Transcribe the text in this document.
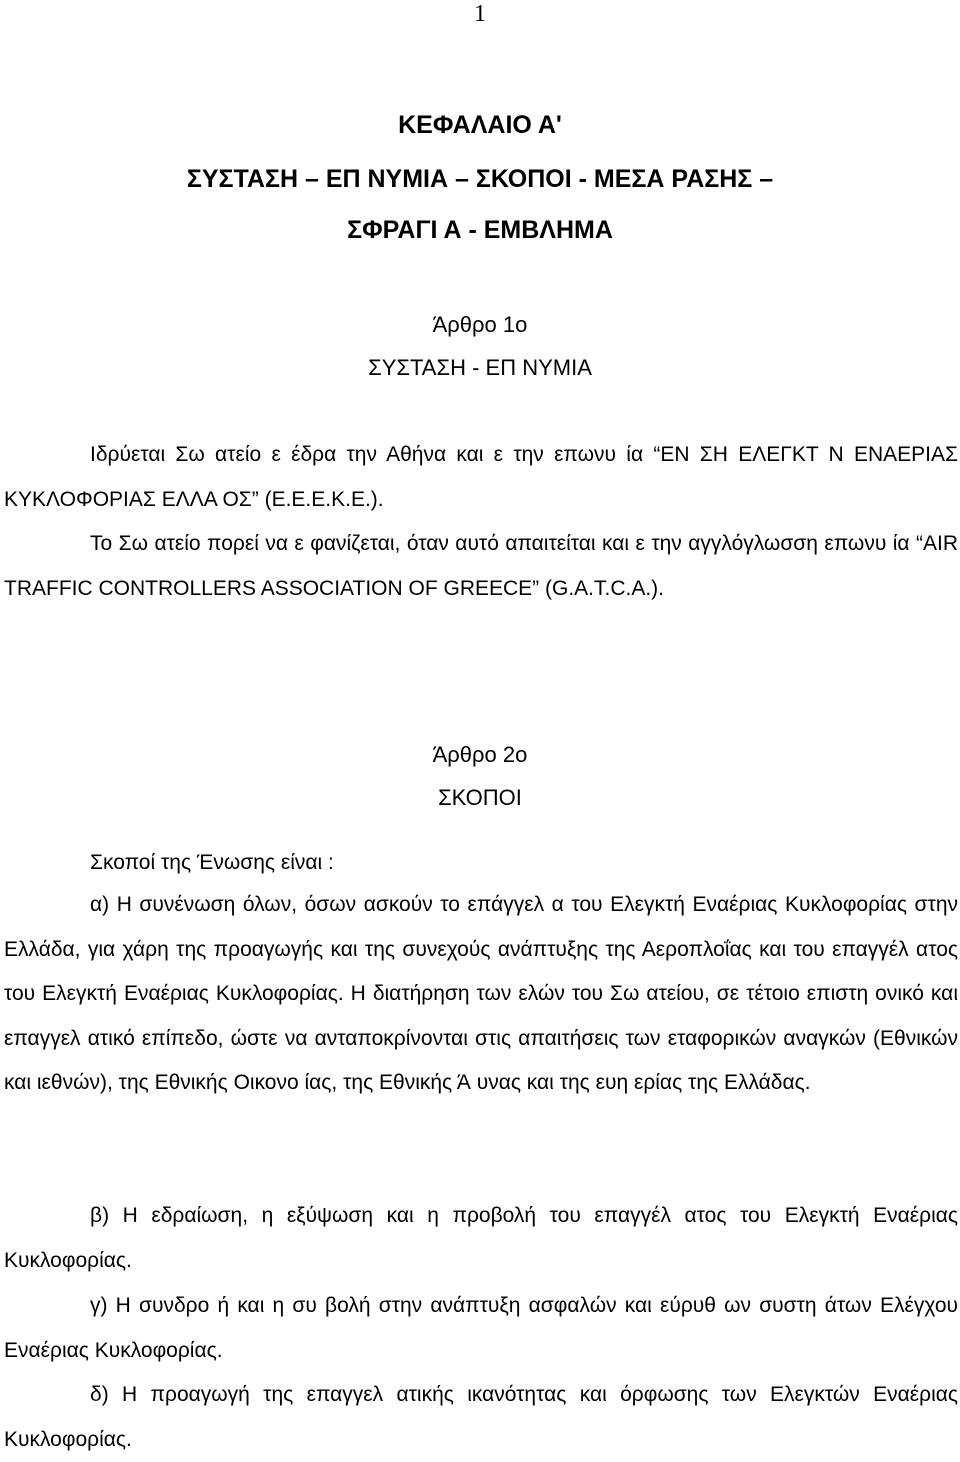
1
ΚΕΦΑΛΑΙΟ Α'
ΣΥΣΤΑΣΗ – ΕΠ ΝΥΜΙΑ – ΣΚΟΠΟΙ - ΜΕΣΑ ΡΑΣΗΣ –
ΣΦΡΑΓΙ Α - ΕΜΒΛΗΜΑ
Άρθρο 1ο
ΣΥΣΤΑΣΗ - ΕΠ ΝΥΜΙΑ

Ιδρύεται Σω ατείο ε έδρα την Αθήνα και ε την επωνυ ία “ΕΝ ΣΗ ΕΛΕΓΚΤ Ν ΕΝΑΕΡΙΑΣ ΚΥΚΛΟΦΟΡΙΑΣ ΕΛΛΑ ΟΣ” (Ε.Ε.Ε.Κ.Ε.).

Το Σω ατείο πορεί να ε φανίζεται, όταν αυτό απαιτείται και ε την αγγλόγλωσση επωνυ ία “AIR TRAFFIC CONTROLLERS ASSOCIATION OF GREECE” (G.A.T.C.A.).

Άρθρο 2ο
ΣΚΟΠΟΙ

Σκοποί της Ένωσης είναι :

α) Η συνένωση όλων, όσων ασκούν το επάγγελ α του Ελεγκτή Εναέριας Κυκλοφορίας στην Ελλάδα, για χάρη της προαγωγής και της συνεχούς ανάπτυξης της Αεροπλοΐας και του επαγγέλ ατος του Ελεγκτή Εναέριας Κυκλοφορίας. Η διατήρηση των ελών του Σω ατείου, σε τέτοιο επιστη ονικό και επαγγελ ατικό επίπεδο, ώστε να ανταποκρίνονται στις απαιτήσεις των εταφορικών αναγκών (Εθνικών και ιεθνών), της Εθνικής Οικονο ίας, της Εθνικής Ά υνας και της ευη ερίας της Ελλάδας.

β) Η εδραίωση, η εξύψωση και η προβολή του επαγγέλ ατος του Ελεγκτή Εναέριας Κυκλοφορίας.

γ) Η συνδρο ή και η συ βολή στην ανάπτυξη ασφαλών και εύρυθ ων συστη άτων Ελέγχου Εναέριας Κυκλοφορίας.

δ) Η προαγωγή της επαγγελ ατικής ικανότητας και όρφωσης των Ελεγκτών Εναέριας Κυκλοφορίας.
